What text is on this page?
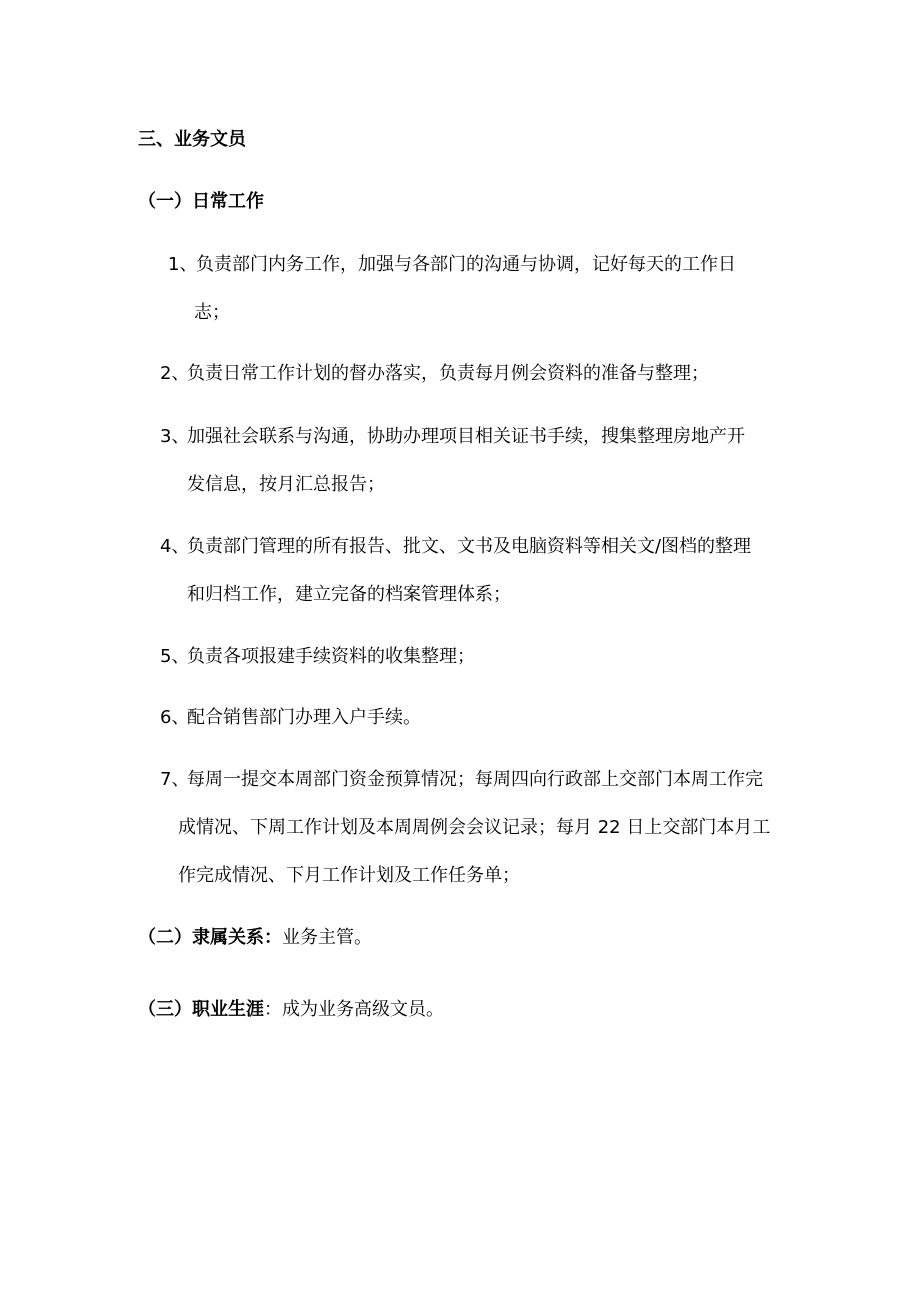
三、业务文员
（一）日常工作
1、
负责部门内务工作，加强与各部门的沟通与协调，记好每天的工作日
志；
2、
负责日常工作计划的督办落实，负责每月例会资料的准备与整理；
3、
加强社会联系与沟通，协助办理项目相关证书手续，搜集整理房地产开
发信息，按月汇总报告；
4、
负责部门管理的所有报告、批文、文书及电脑资料等相关文/图档的整理
和归档工作，建立完备的档案管理体系；
5、
负责各项报建手续资料的收集整理；
6、
配合销售部门办理入户手续。
7、
每周一提交本周部门资金预算情况；每周四向行政部上交部门本周工作完
成情况、下周工作计划及本周周例会会议记录；每月 22 日上交部门本月工
作完成情况、下月工作计划及工作任务单；
（二）隶属关系：业务主管。
（三）职业生涯：成为业务高级文员。
